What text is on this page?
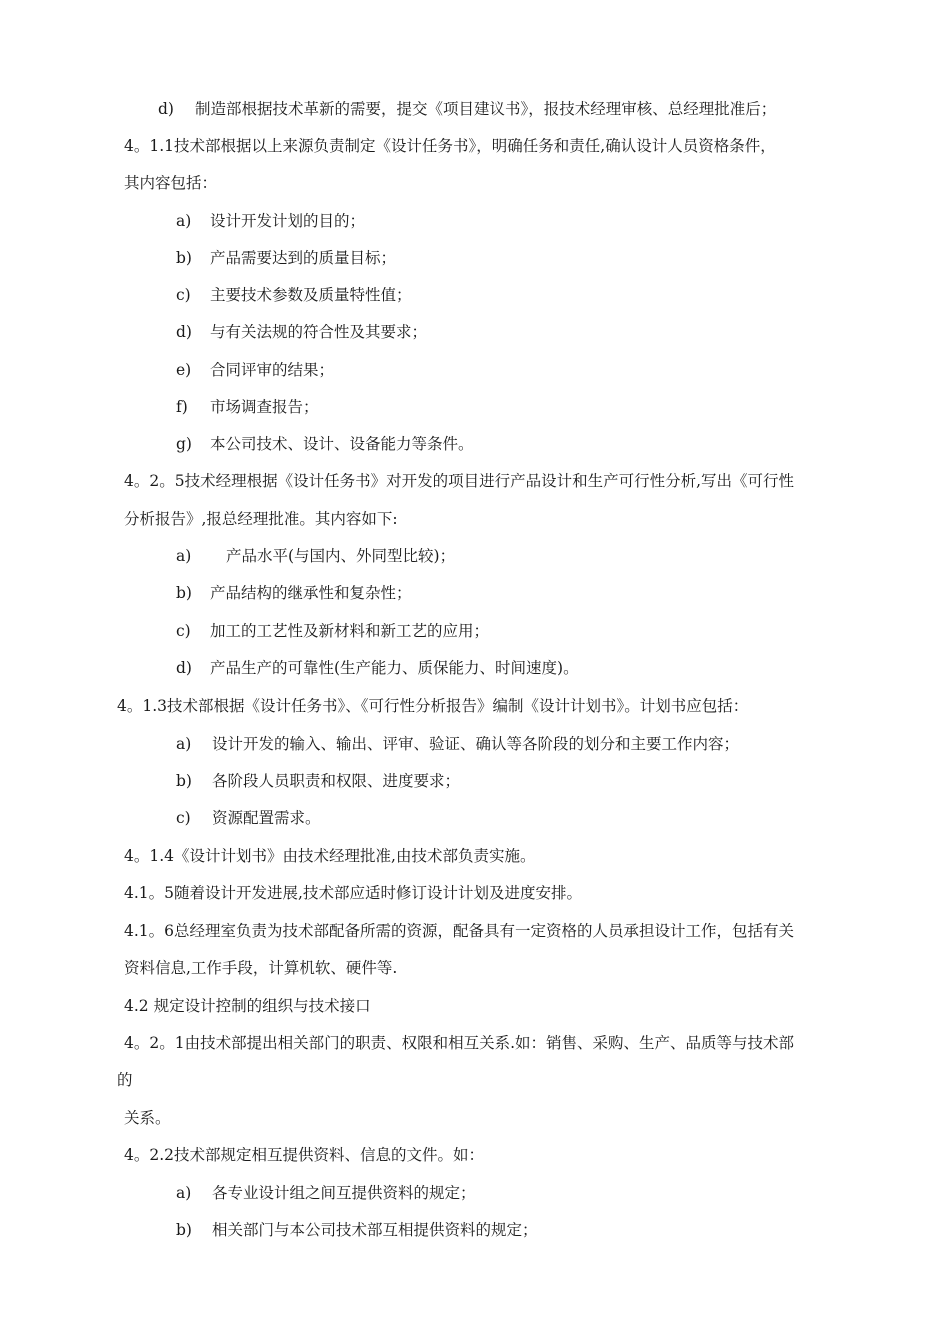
d) 制造部根据技术革新的需要，提交《项目建议书》，报技术经理审核、总经理批准后；
4。1.1技术部根据以上来源负责制定《设计任务书》，明确任务和责任,确认设计人员资格条件，
其内容包括：
a) 设计开发计划的目的；
b) 产品需要达到的质量目标；
c) 主要技术参数及质量特性值；
d) 与有关法规的符合性及其要求；
e) 合同评审的结果；
f) 市场调查报告；
g) 本公司技术、设计、设备能力等条件。
4。2。5技术经理根据《设计任务书》对开发的项目进行产品设计和生产可行性分析,写出《可行性
分析报告》,报总经理批准。其内容如下:
a) 产品水平(与国内、外同型比较)；
b) 产品结构的继承性和复杂性；
c) 加工的工艺性及新材料和新工艺的应用；
d) 产品生产的可靠性(生产能力、质保能力、时间速度)。
4。1.3技术部根据《设计任务书》、《可行性分析报告》编制《设计计划书》。计划书应包括：
a) 设计开发的输入、输出、评审、验证、确认等各阶段的划分和主要工作内容；
b) 各阶段人员职责和权限、进度要求；
c) 资源配置需求。
4。1.4《设计计划书》由技术经理批准,由技术部负责实施。
4.1。5随着设计开发进展,技术部应适时修订设计计划及进度安排。
4.1。6总经理室负责为技术部配备所需的资源，配备具有一定资格的人员承担设计工作，包括有关
资料信息,工作手段，计算机软、硬件等.
4.2 规定设计控制的组织与技术接口
4。2。1由技术部提出相关部门的职责、权限和相互关系.如：销售、采购、生产、品质等与技术部
的
关系。
4。2.2技术部规定相互提供资料、信息的文件。如：
a) 各专业设计组之间互提供资料的规定；
b) 相关部门与本公司技术部互相提供资料的规定；
